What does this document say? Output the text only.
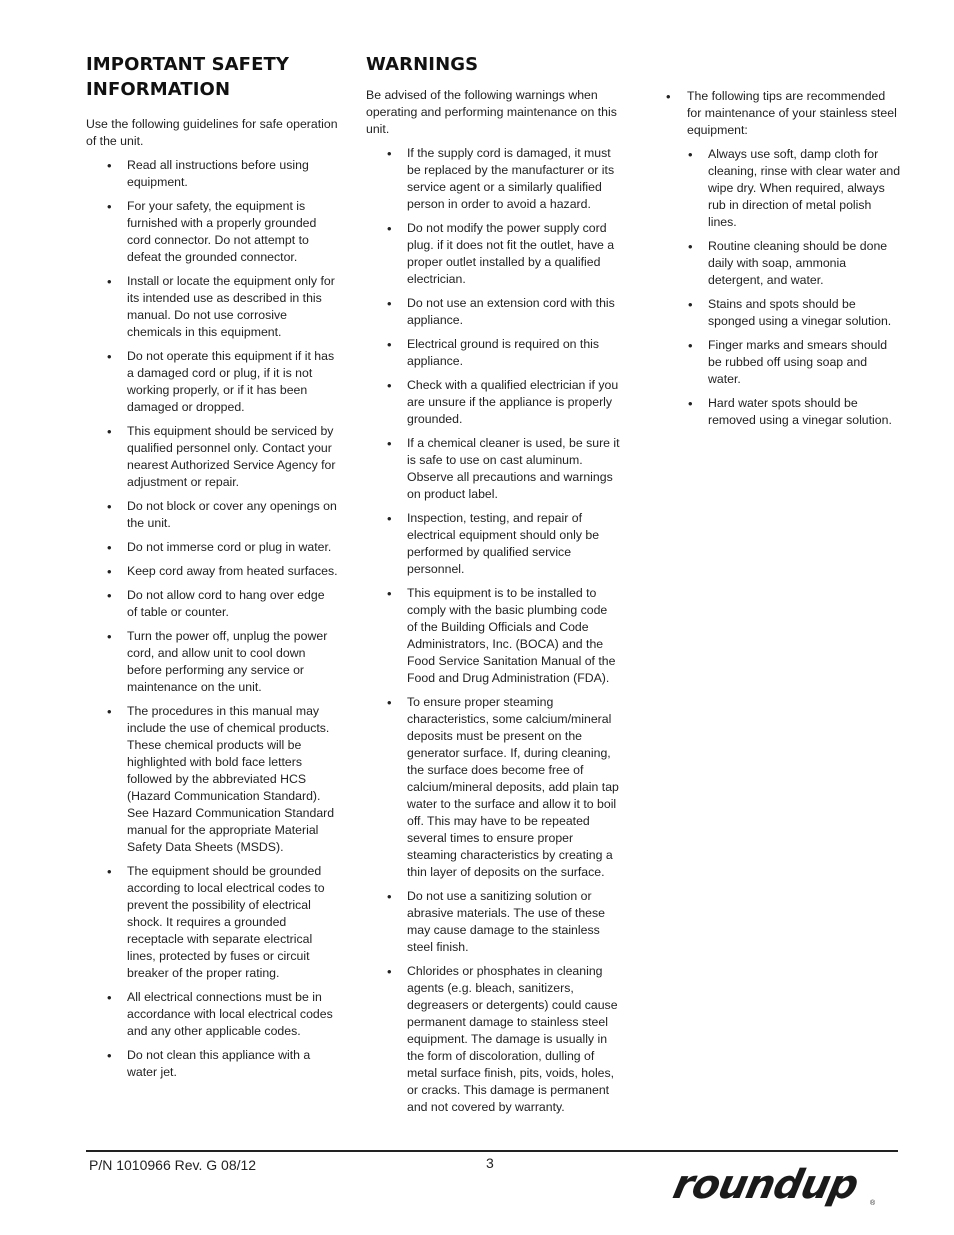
IMPORTANT SAFETY
INFORMATION

Use the following guidelines for safe operation of the unit.

• Read all instructions before using equipment.
• For your safety, the equipment is furnished with a properly grounded cord connector. Do not attempt to defeat the grounded connector.
• Install or locate the equipment only for its intended use as described in this manual. Do not use corrosive chemicals in this equipment.
• Do not operate this equipment if it has a damaged cord or plug, if it is not working properly, or if it has been damaged or dropped.
• This equipment should be serviced by qualified personnel only. Contact your nearest Authorized Service Agency for adjustment or repair.
• Do not block or cover any openings on the unit.
• Do not immerse cord or plug in water.
• Keep cord away from heated surfaces.
• Do not allow cord to hang over edge of table or counter.
• Turn the power off, unplug the power cord, and allow unit to cool down before performing any service or maintenance on the unit.
• The procedures in this manual may include the use of chemical products. These chemical products will be highlighted with bold face letters followed by the abbreviated HCS (Hazard Communication Standard). See Hazard Communication Standard manual for the appropriate Material Safety Data Sheets (MSDS).
• The equipment should be grounded according to local electrical codes to prevent the possibility of electrical shock. It requires a grounded receptacle with separate electrical lines, protected by fuses or circuit breaker of the proper rating.
• All electrical connections must be in accordance with local electrical codes and any other applicable codes.
• Do not clean this appliance with a water jet.
WARNINGS

Be advised of the following warnings when operating and performing maintenance on this unit.

• If the supply cord is damaged, it must be replaced by the manufacturer or its service agent or a similarly qualified person in order to avoid a hazard.
• Do not modify the power supply cord plug. if it does not fit the outlet, have a proper outlet installed by a qualified electrician.
• Do not use an extension cord with this appliance.
• Electrical ground is required on this appliance.
• Check with a qualified electrician if you are unsure if the appliance is properly grounded.
• If a chemical cleaner is used, be sure it is safe to use on cast aluminum. Observe all precautions and warnings on product label.
• Inspection, testing, and repair of electrical equipment should only be performed by qualified service personnel.
• This equipment is to be installed to comply with the basic plumbing code of the Building Officials and Code Administrators, Inc. (BOCA) and the Food Service Sanitation Manual of the Food and Drug Administration (FDA).
• To ensure proper steaming characteristics, some calcium/mineral deposits must be present on the generator surface. If, during cleaning, the surface does become free of calcium/mineral deposits, add plain tap water to the surface and allow it to boil off. This may have to be repeated several times to ensure proper steaming characteristics by creating a thin layer of deposits on the surface.
• Do not use a sanitizing solution or abrasive materials. The use of these may cause damage to the stainless steel finish.
• Chlorides or phosphates in cleaning agents (e.g. bleach, sanitizers, degreasers or detergents) could cause permanent damage to stainless steel equipment. The damage is usually in the form of discoloration, dulling of metal surface finish, pits, voids, holes, or cracks. This damage is permanent and not covered by warranty.
• The following tips are recommended for maintenance of your stainless steel equipment:
• Always use soft, damp cloth for cleaning, rinse with clear water and wipe dry. When required, always rub in direction of metal polish lines.
• Routine cleaning should be done daily with soap, ammonia detergent, and water.
• Stains and spots should be sponged using a vinegar solution.
• Finger marks and smears should be rubbed off using soap and water.
• Hard water spots should be removed using a vinegar solution.
P/N 1010966 Rev. G 08/12	3	roundup ®
